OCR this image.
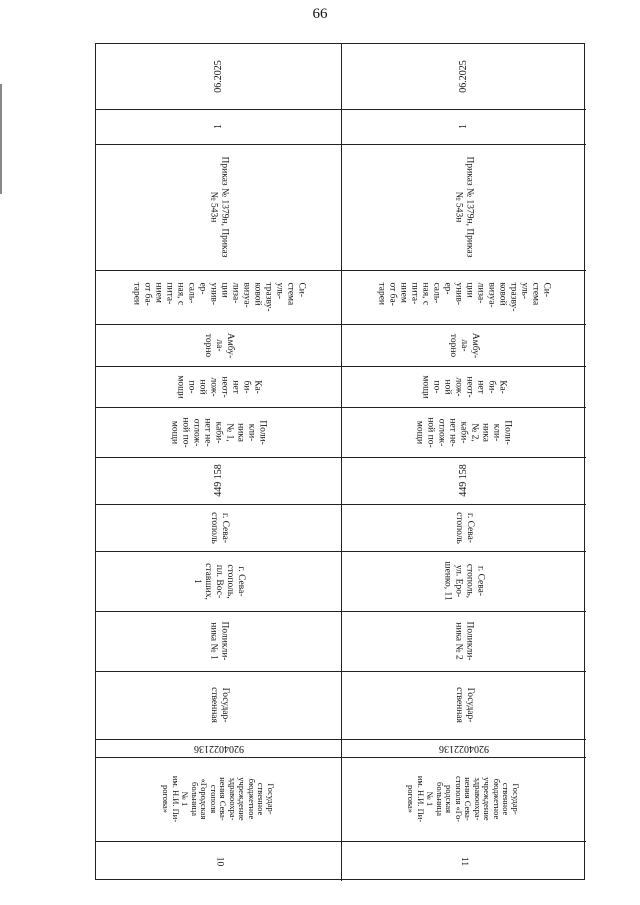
66
06.2025
1
Приказ № 1379н, Приказ
№ 543н
Си-
стема
уль-
тразву-
ковой
визуа-
лиза-
ции
унив-
ер-
саль-
ная, с
пита-
нием
от ба-
тареи
Амбу-
ла-
торно
Ка-
би-
нет
неот-
лож-
ной
по-
мощи
Поли-
кли-
ника
№ 1,
каби-
нет не-
отлож-
ной по-
мощи
449 158
г. Сева-
стополь
г. Сева-
стополь,
пл. Вос-
ставших,
1
Поликли-
ника № 1
Государ-
ственная
9204022136
Государ-
ственное
бюджетное
учреждение
здравоохра-
нения Сева-
стополя
«Городская
больница
№ 1
им. Н.И. Пи-
рогова»
10
06.2025
1
Приказ № 1379н, Приказ
№ 543н
Си-
стема
уль-
тразву-
ковой
визуа-
лиза-
ции
унив-
ер-
саль-
ная, с
пита-
нием
от ба-
тареи
Амбу-
ла-
торно
Ка-
би-
нет
неот-
лож-
ной
по-
мощи
Поли-
кли-
ника
№ 2,
каби-
нет не-
отлож-
ной по-
мощи
449 158
г. Сева-
стополь
г. Сева-
стополь,
ул. Еро-
шенко, 11
Поликли-
ника № 2
Государ-
ственная
9204022136
Государ-
ственное
бюджетное
учреждение
здравоохра-
нения Сева-
стополя «Го-
родская
больница
№ 1
им. Н.И. Пи-
рогова»
11
